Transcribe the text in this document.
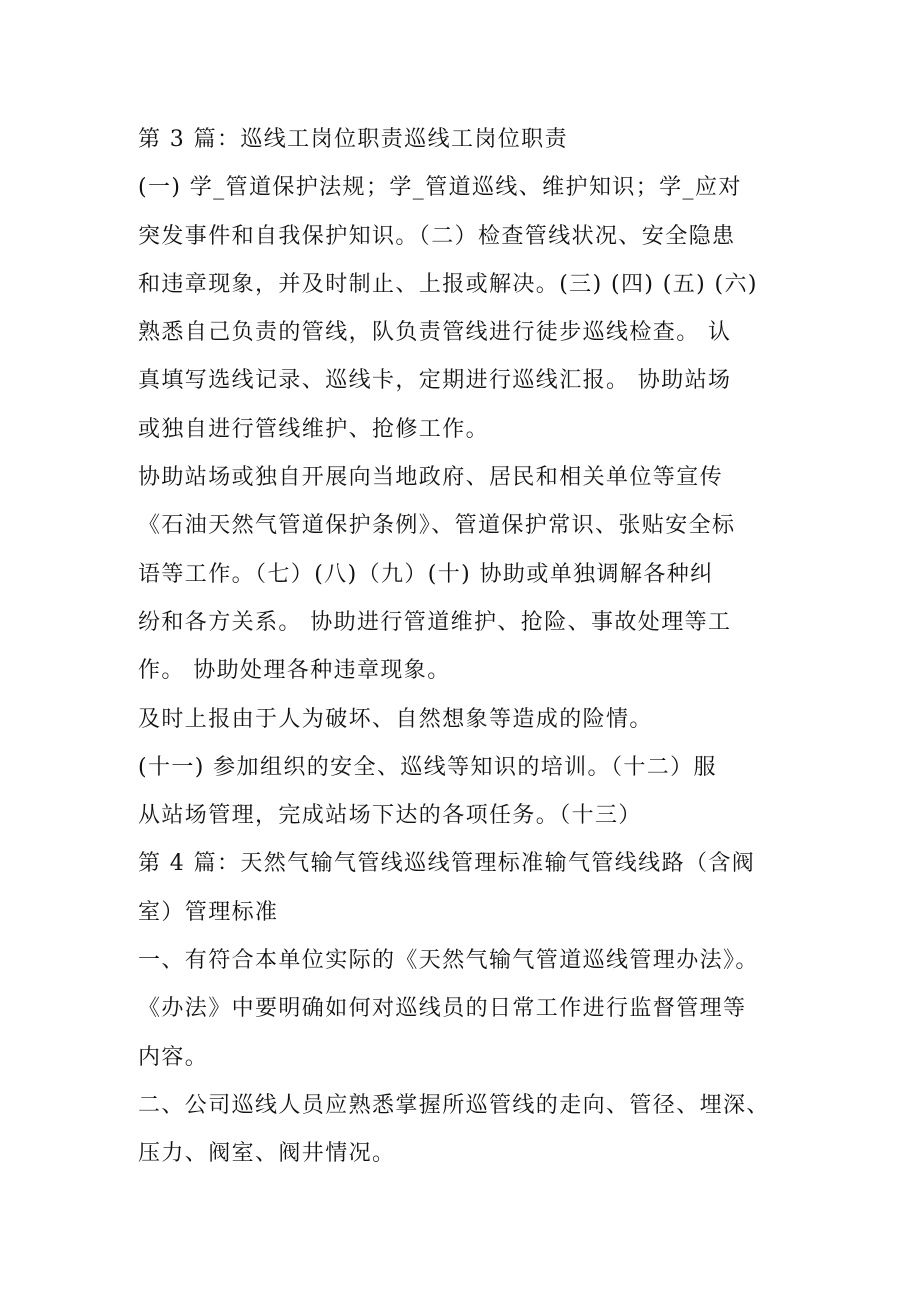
第 3 篇：巡线工岗位职责巡线工岗位职责
(一) 学_管道保护法规；学_管道巡线、维护知识；学_应对
突发事件和自我保护知识。（二）检查管线状况、安全隐患
和违章现象，并及时制止、上报或解决。(三) (四) (五) (六)
熟悉自己负责的管线，队负责管线进行徒步巡线检查。 认
真填写选线记录、巡线卡，定期进行巡线汇报。 协助站场
或独自进行管线维护、抢修工作。
协助站场或独自开展向当地政府、居民和相关单位等宣传
《石油天然气管道保护条例》、管道保护常识、张贴安全标
语等工作。（七）(八)（九）(十) 协助或单独调解各种纠
纷和各方关系。 协助进行管道维护、抢险、事故处理等工
作。 协助处理各种违章现象。
及时上报由于人为破坏、自然想象等造成的险情。
(十一) 参加组织的安全、巡线等知识的培训。（十二）服
从站场管理，完成站场下达的各项任务。（十三）
第 4 篇：天然气输气管线巡线管理标准输气管线线路（含阀
室）管理标准
一、有符合本单位实际的《天然气输气管道巡线管理办法》。
《办法》中要明确如何对巡线员的日常工作进行监督管理等
内容。
二、公司巡线人员应熟悉掌握所巡管线的走向、管径、埋深、
压力、阀室、阀井情况。
